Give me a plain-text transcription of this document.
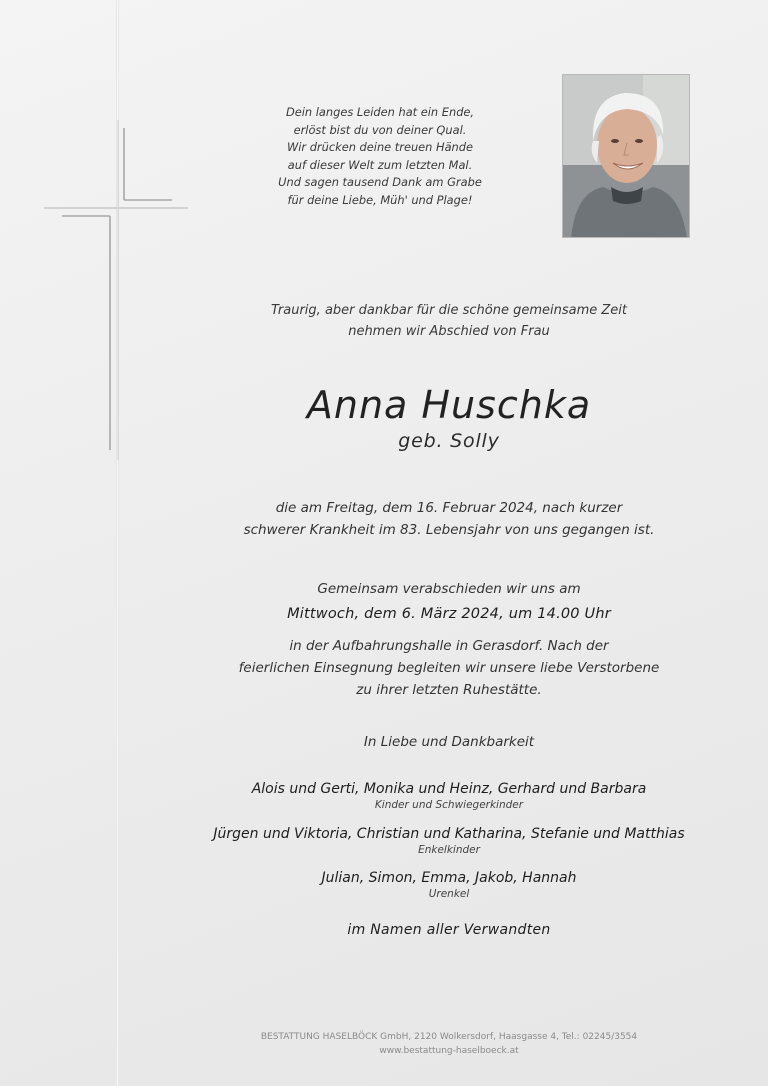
Dein langes Leiden hat ein Ende,
erlöst bist du von deiner Qual.
Wir drücken deine treuen Hände
auf dieser Welt zum letzten Mal.
Und sagen tausend Dank am Grabe
für deine Liebe, Müh' und Plage!
Traurig, aber dankbar für die schöne gemeinsame Zeit
nehmen wir Abschied von Frau
Anna Huschka
geb. Solly
die am Freitag, dem 16. Februar 2024, nach kurzer
schwerer Krankheit im 83. Lebensjahr von uns gegangen ist.
Gemeinsam verabschieden wir uns am
Mittwoch, dem 6. März 2024, um 14.00 Uhr
in der Aufbahrungshalle in Gerasdorf. Nach der
feierlichen Einsegnung begleiten wir unsere liebe Verstorbene
zu ihrer letzten Ruhestätte.
In Liebe und Dankbarkeit
Alois und Gerti, Monika und Heinz, Gerhard und Barbara
Kinder und Schwiegerkinder
Jürgen und Viktoria, Christian und Katharina, Stefanie und Matthias
Enkelkinder
Julian, Simon, Emma, Jakob, Hannah
Urenkel
im Namen aller Verwandten
BESTATTUNG HASELBÖCK GmbH, 2120 Wolkersdorf, Haasgasse 4, Tel.: 02245/3554
www.bestattung-haselboeck.at
